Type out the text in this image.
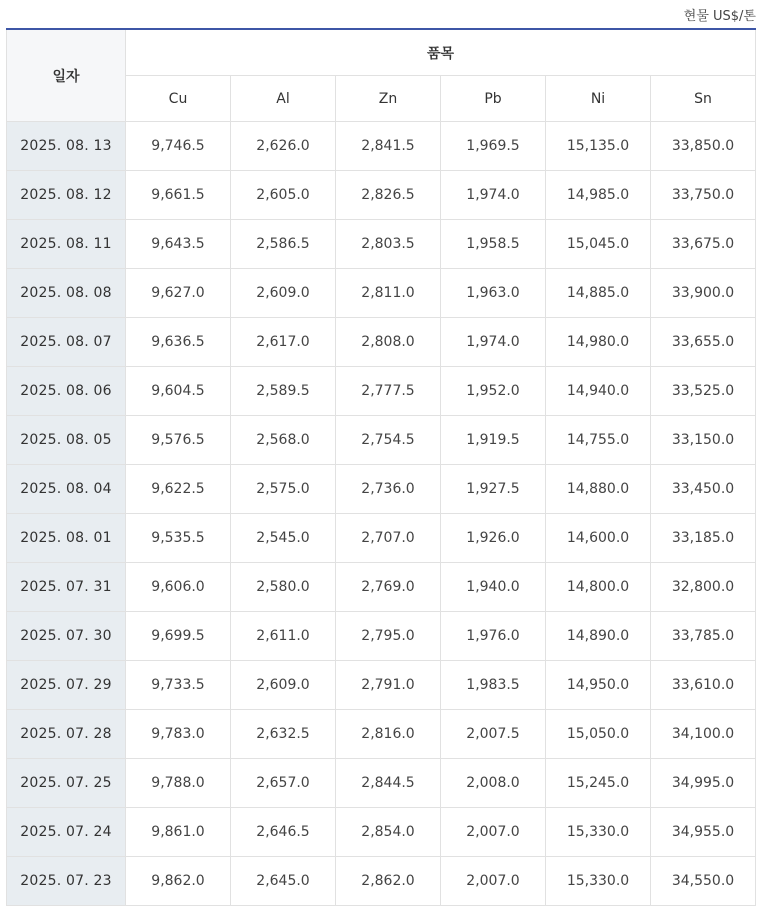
현물 US$/톤
일자	품목					
	Cu	Al	Zn	Pb	Ni	Sn
2025. 08. 13	9,746.5	2,626.0	2,841.5	1,969.5	15,135.0	33,850.0
2025. 08. 12	9,661.5	2,605.0	2,826.5	1,974.0	14,985.0	33,750.0
2025. 08. 11	9,643.5	2,586.5	2,803.5	1,958.5	15,045.0	33,675.0
2025. 08. 08	9,627.0	2,609.0	2,811.0	1,963.0	14,885.0	33,900.0
2025. 08. 07	9,636.5	2,617.0	2,808.0	1,974.0	14,980.0	33,655.0
2025. 08. 06	9,604.5	2,589.5	2,777.5	1,952.0	14,940.0	33,525.0
2025. 08. 05	9,576.5	2,568.0	2,754.5	1,919.5	14,755.0	33,150.0
2025. 08. 04	9,622.5	2,575.0	2,736.0	1,927.5	14,880.0	33,450.0
2025. 08. 01	9,535.5	2,545.0	2,707.0	1,926.0	14,600.0	33,185.0
2025. 07. 31	9,606.0	2,580.0	2,769.0	1,940.0	14,800.0	32,800.0
2025. 07. 30	9,699.5	2,611.0	2,795.0	1,976.0	14,890.0	33,785.0
2025. 07. 29	9,733.5	2,609.0	2,791.0	1,983.5	14,950.0	33,610.0
2025. 07. 28	9,783.0	2,632.5	2,816.0	2,007.5	15,050.0	34,100.0
2025. 07. 25	9,788.0	2,657.0	2,844.5	2,008.0	15,245.0	34,995.0
2025. 07. 24	9,861.0	2,646.5	2,854.0	2,007.0	15,330.0	34,955.0
2025. 07. 23	9,862.0	2,645.0	2,862.0	2,007.0	15,330.0	34,550.0
